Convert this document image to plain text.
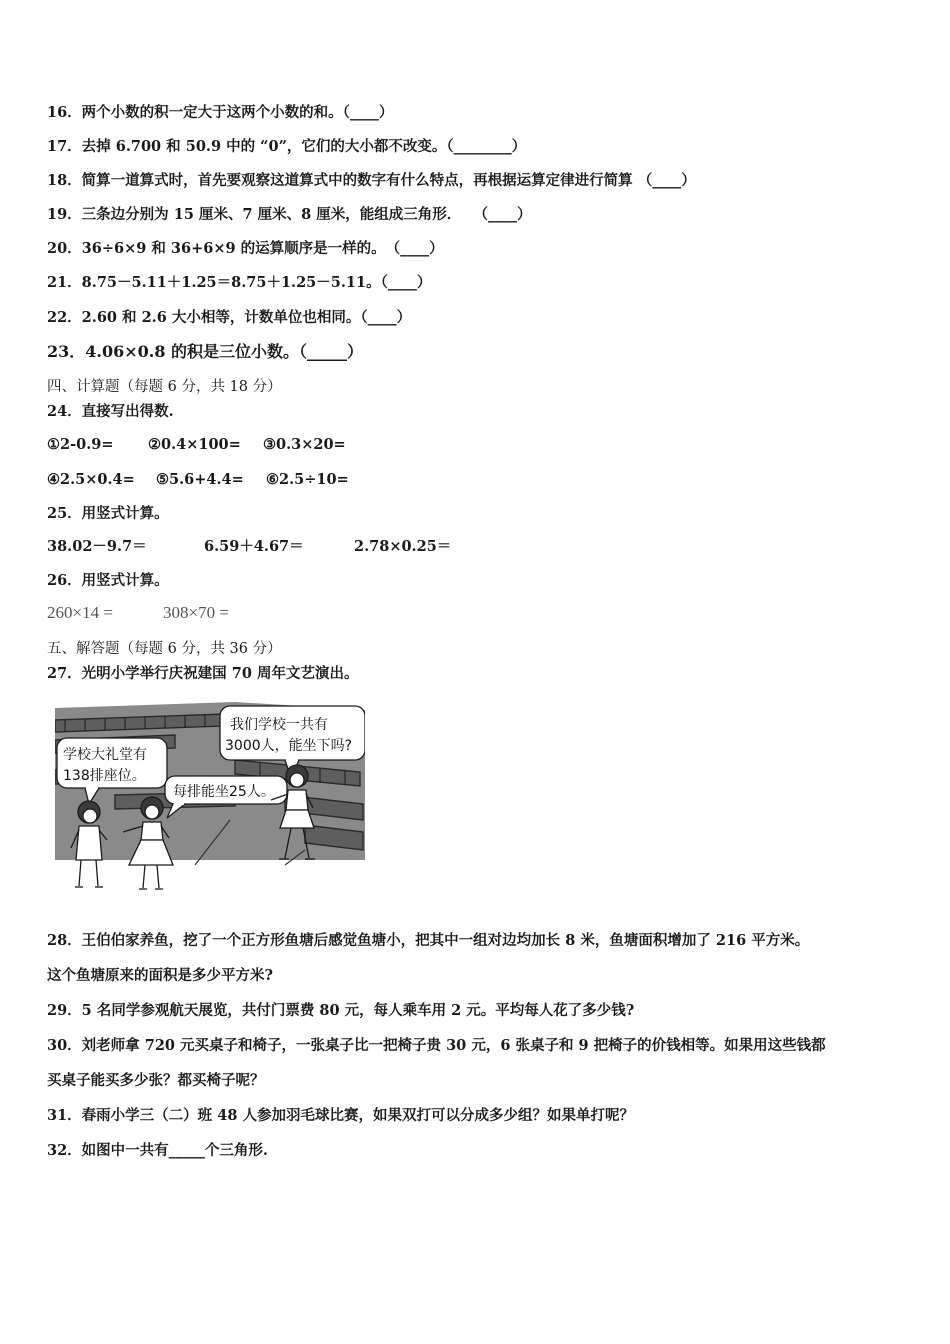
16．两个小数的积一定大于这两个小数的和。（____）
17．去掉 6.700 和 50.9 中的 “0”，它们的大小都不改变。（________）
18．简算一道算式时，首先要观察这道算式中的数字有什么特点，再根据运算定律进行简算 （____）
19．三条边分别为 15 厘米、7 厘米、8 厘米，能组成三角形．　 （____）
20．36÷6×9 和 36+6×9 的运算顺序是一样的。　（____）
21．8.75－5.11＋1.25＝8.75＋1.25－5.11。（____）
22．2.60 和 2.6 大小相等，计数单位也相同。（____）
23．4.06×0.8 的积是三位小数。（_____）
四、计算题（每题 6 分，共 18 分）
24．直接写出得数.
①2-0.9= ②0.4×100= ③0.3×20=
④2.5×0.4= ⑤5.6+4.4= ⑥2.5÷10=
25．用竖式计算。
38.02－9.7＝	6.59＋4.67＝	2.78×0.25＝
26．用竖式计算。
260×14 =	308×70 =
五、解答题（每题 6 分，共 36 分）
27．光明小学举行庆祝建国 70 周年文艺演出。
我们学校一共有
3000人，能坐下吗?
学校大礼堂有
138排座位。
每排能坐25人。
28．王伯伯家养鱼，挖了一个正方形鱼塘后感觉鱼塘小，把其中一组对边均加长 8 米，鱼塘面积增加了 216 平方米。
这个鱼塘原来的面积是多少平方米?
29．5 名同学参观航天展览，共付门票费 80 元，每人乘车用 2 元。平均每人花了多少钱?
30．刘老师拿 720 元买桌子和椅子，一张桌子比一把椅子贵 30 元，6 张桌子和 9 把椅子的价钱相等。如果用这些钱都
买桌子能买多少张？都买椅子呢？
31．春雨小学三（二）班 48 人参加羽毛球比赛，如果双打可以分成多少组？如果单打呢？
32．如图中一共有_____个三角形.
